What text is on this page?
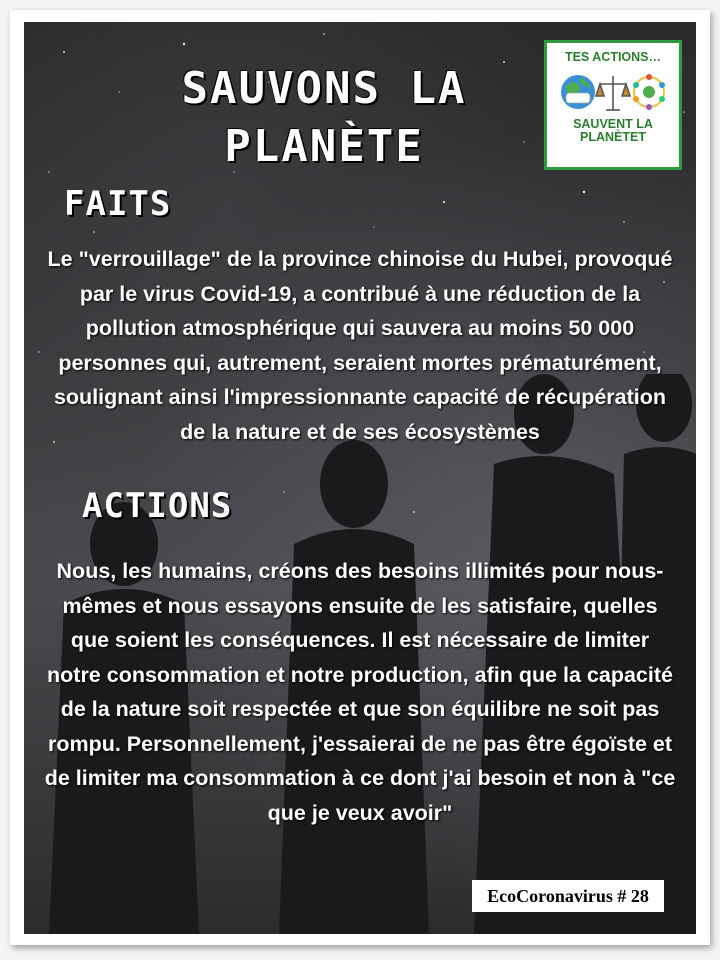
SAUVONS LA
PLANÈTE
TES ACTIONS…
SAUVENT LA
PLANÈTET
FAITS
Le "verrouillage" de la province chinoise du Hubei, provoqué par le virus Covid-19, a contribué à une réduction de la pollution atmosphérique qui sauvera au moins 50 000 personnes qui, autrement, seraient mortes prématurément, soulignant ainsi l'impressionnante capacité de récupération de la nature et de ses écosystèmes
ACTIONS
Nous, les humains, créons des besoins illimités pour nous-mêmes et nous essayons ensuite de les satisfaire, quelles que soient les conséquences. Il est nécessaire de limiter notre consommation et notre production, afin que la capacité de la nature soit respectée et que son équilibre ne soit pas rompu. Personnellement, j'essaierai de ne pas être égoïste et de limiter ma consommation à ce dont j'ai besoin et non à "ce que je veux avoir"
EcoCoronavirus # 28
